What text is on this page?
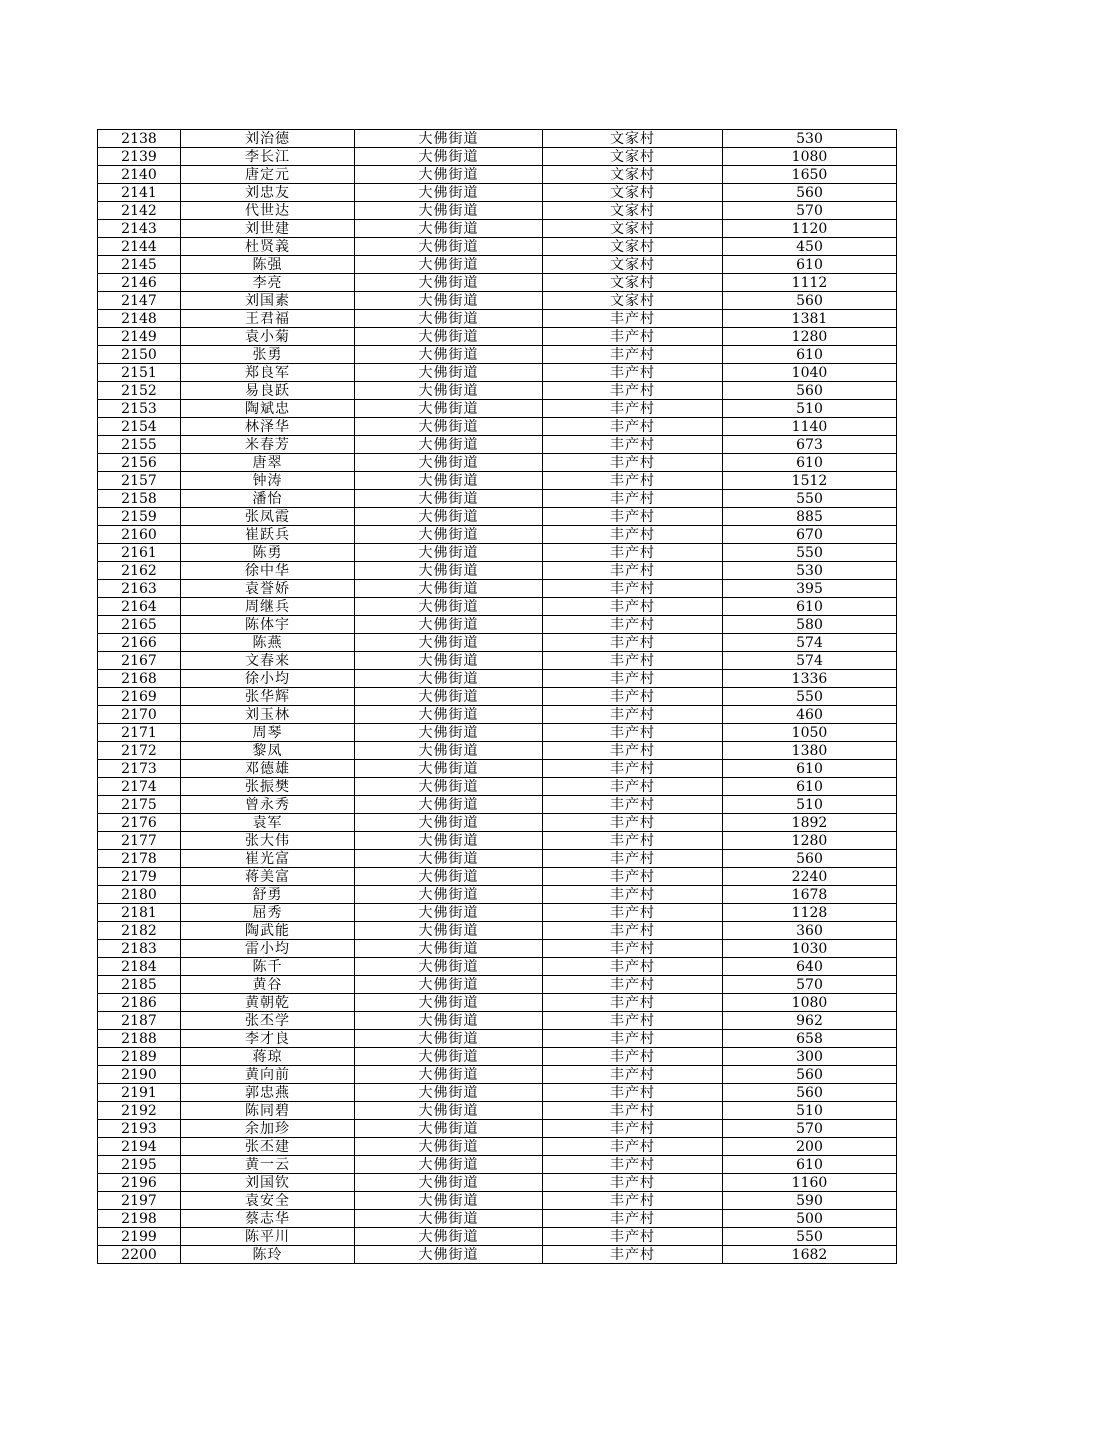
2138	刘治德	大佛街道	文家村	530
2139	李长江	大佛街道	文家村	1080
2140	唐定元	大佛街道	文家村	1650
2141	刘忠友	大佛街道	文家村	560
2142	代世达	大佛街道	文家村	570
2143	刘世建	大佛街道	文家村	1120
2144	杜贤義	大佛街道	文家村	450
2145	陈强	大佛街道	文家村	610
2146	李亮	大佛街道	文家村	1112
2147	刘国素	大佛街道	文家村	560
2148	王君福	大佛街道	丰产村	1381
2149	袁小菊	大佛街道	丰产村	1280
2150	张勇	大佛街道	丰产村	610
2151	郑良军	大佛街道	丰产村	1040
2152	易良跃	大佛街道	丰产村	560
2153	陶斌忠	大佛街道	丰产村	510
2154	林泽华	大佛街道	丰产村	1140
2155	米春芳	大佛街道	丰产村	673
2156	唐翠	大佛街道	丰产村	610
2157	钟涛	大佛街道	丰产村	1512
2158	潘怡	大佛街道	丰产村	550
2159	张凤霞	大佛街道	丰产村	885
2160	崔跃兵	大佛街道	丰产村	670
2161	陈勇	大佛街道	丰产村	550
2162	徐中华	大佛街道	丰产村	530
2163	袁誉娇	大佛街道	丰产村	395
2164	周继兵	大佛街道	丰产村	610
2165	陈体宇	大佛街道	丰产村	580
2166	陈燕	大佛街道	丰产村	574
2167	文春来	大佛街道	丰产村	574
2168	徐小均	大佛街道	丰产村	1336
2169	张华辉	大佛街道	丰产村	550
2170	刘玉林	大佛街道	丰产村	460
2171	周琴	大佛街道	丰产村	1050
2172	黎凤	大佛街道	丰产村	1380
2173	邓德雄	大佛街道	丰产村	610
2174	张振樊	大佛街道	丰产村	610
2175	曾永秀	大佛街道	丰产村	510
2176	袁军	大佛街道	丰产村	1892
2177	张大伟	大佛街道	丰产村	1280
2178	崔光富	大佛街道	丰产村	560
2179	蒋美富	大佛街道	丰产村	2240
2180	舒勇	大佛街道	丰产村	1678
2181	屈秀	大佛街道	丰产村	1128
2182	陶武能	大佛街道	丰产村	360
2183	雷小均	大佛街道	丰产村	1030
2184	陈千	大佛街道	丰产村	640
2185	黄谷	大佛街道	丰产村	570
2186	黄朝乾	大佛街道	丰产村	1080
2187	张丕学	大佛街道	丰产村	962
2188	李才良	大佛街道	丰产村	658
2189	蒋琼	大佛街道	丰产村	300
2190	黄向前	大佛街道	丰产村	560
2191	郭忠燕	大佛街道	丰产村	560
2192	陈同碧	大佛街道	丰产村	510
2193	余加珍	大佛街道	丰产村	570
2194	张丕建	大佛街道	丰产村	200
2195	黄一云	大佛街道	丰产村	610
2196	刘国钦	大佛街道	丰产村	1160
2197	袁安全	大佛街道	丰产村	590
2198	蔡志华	大佛街道	丰产村	500
2199	陈平川	大佛街道	丰产村	550
2200	陈玲	大佛街道	丰产村	1682
